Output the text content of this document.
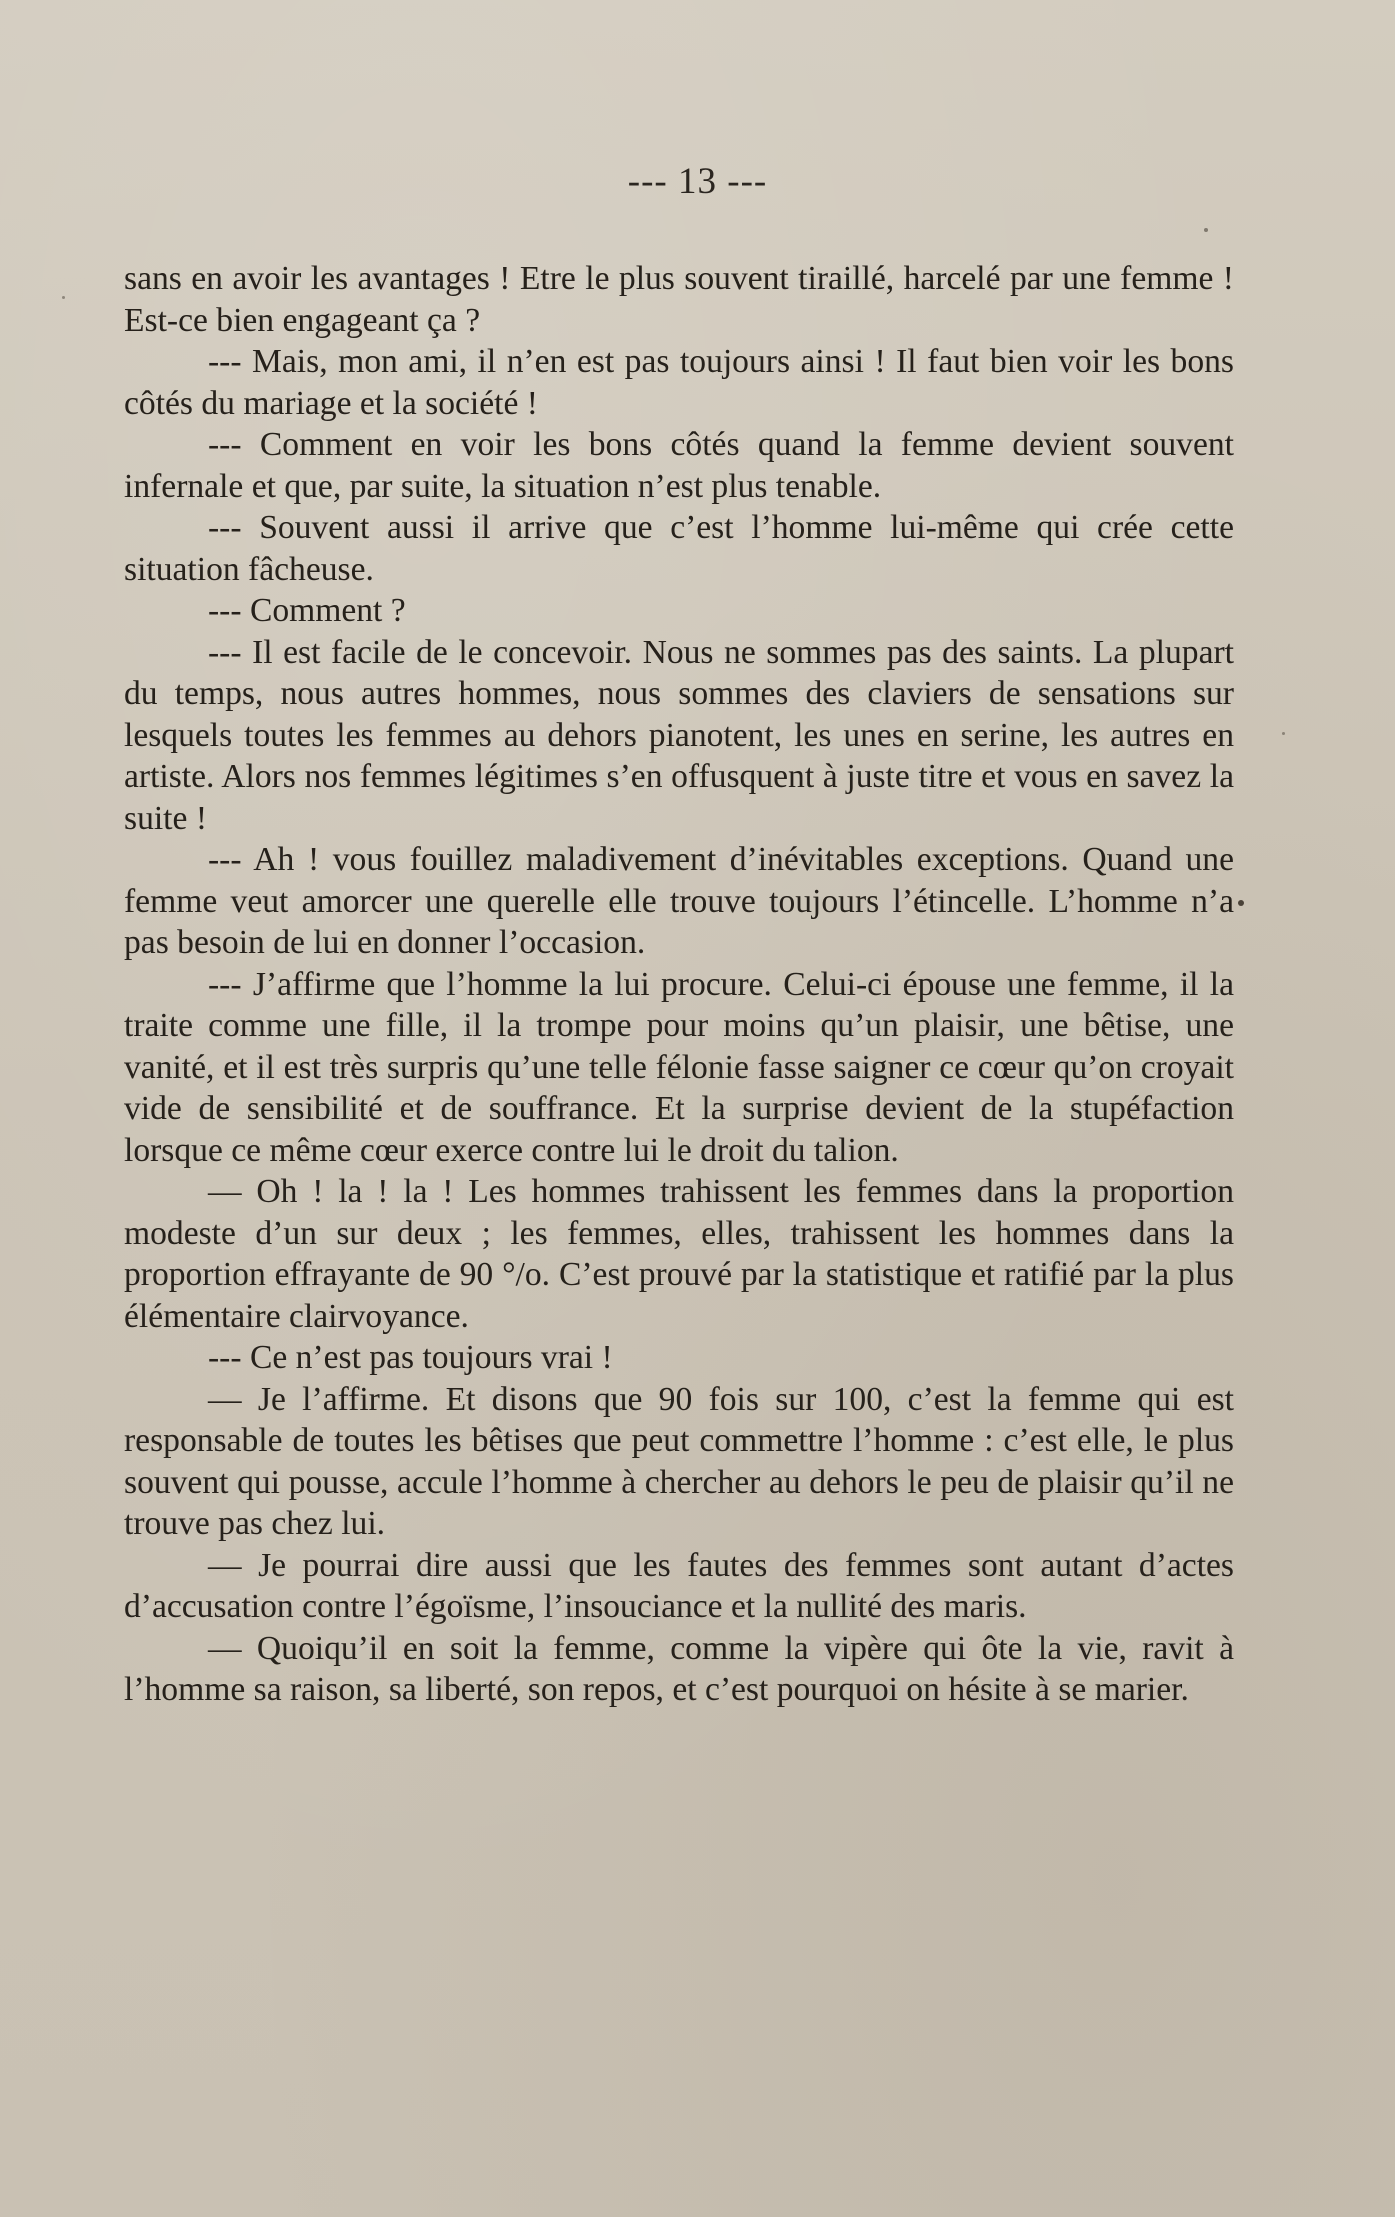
--- 13 ---

sans en avoir les avantages ! Etre le plus souvent tiraillé, harcelé par une femme ! Est-ce bien engageant ça ?

--- Mais, mon ami, il n’en est pas toujours ainsi ! Il faut bien voir les bons côtés du mariage et la société !

--- Comment en voir les bons côtés quand la femme devient souvent infernale et que, par suite, la situation n’est plus tenable.

--- Souvent aussi il arrive que c’est l’homme lui-même qui crée cette situation fâcheuse.

--- Comment ?

--- Il est facile de le concevoir. Nous ne sommes pas des saints. La plupart du temps, nous autres hommes, nous sommes des claviers de sensations sur lesquels toutes les femmes au dehors pianotent, les unes en serine, les autres en artiste. Alors nos femmes légitimes s’en offusquent à juste titre et vous en savez la suite !

--- Ah ! vous fouillez maladivement d’inévitables exceptions. Quand une femme veut amorcer une querelle elle trouve toujours l’étincelle. L’homme n’a pas besoin de lui en donner l’occasion.

--- J’affirme que l’homme la lui procure. Celui-ci épouse une femme, il la traite comme une fille, il la trompe pour moins qu’un plaisir, une bêtise, une vanité, et il est très surpris qu’une telle félonie fasse saigner ce cœur qu’on croyait vide de sensibilité et de souffrance. Et la surprise devient de la stupéfaction lorsque ce même cœur exerce contre lui le droit du talion.

— Oh ! la ! la ! Les hommes trahissent les femmes dans la proportion modeste d’un sur deux ; les femmes, elles, trahissent les hommes dans la proportion effrayante de 90 °/o. C’est prouvé par la statistique et ratifié par la plus élémentaire clairvoyance.

--- Ce n’est pas toujours vrai !

— Je l’affirme. Et disons que 90 fois sur 100, c’est la femme qui est responsable de toutes les bêtises que peut commettre l’homme : c’est elle, le plus souvent qui pousse, accule l’homme à chercher au dehors le peu de plaisir qu’il ne trouve pas chez lui.

— Je pourrai dire aussi que les fautes des femmes sont autant d’actes d’accusation contre l’égoïsme, l’insouciance et la nullité des maris.

— Quoiqu’il en soit la femme, comme la vipère qui ôte la vie, ravit à l’homme sa raison, sa liberté, son repos, et c’est pourquoi on hésite à se marier.
